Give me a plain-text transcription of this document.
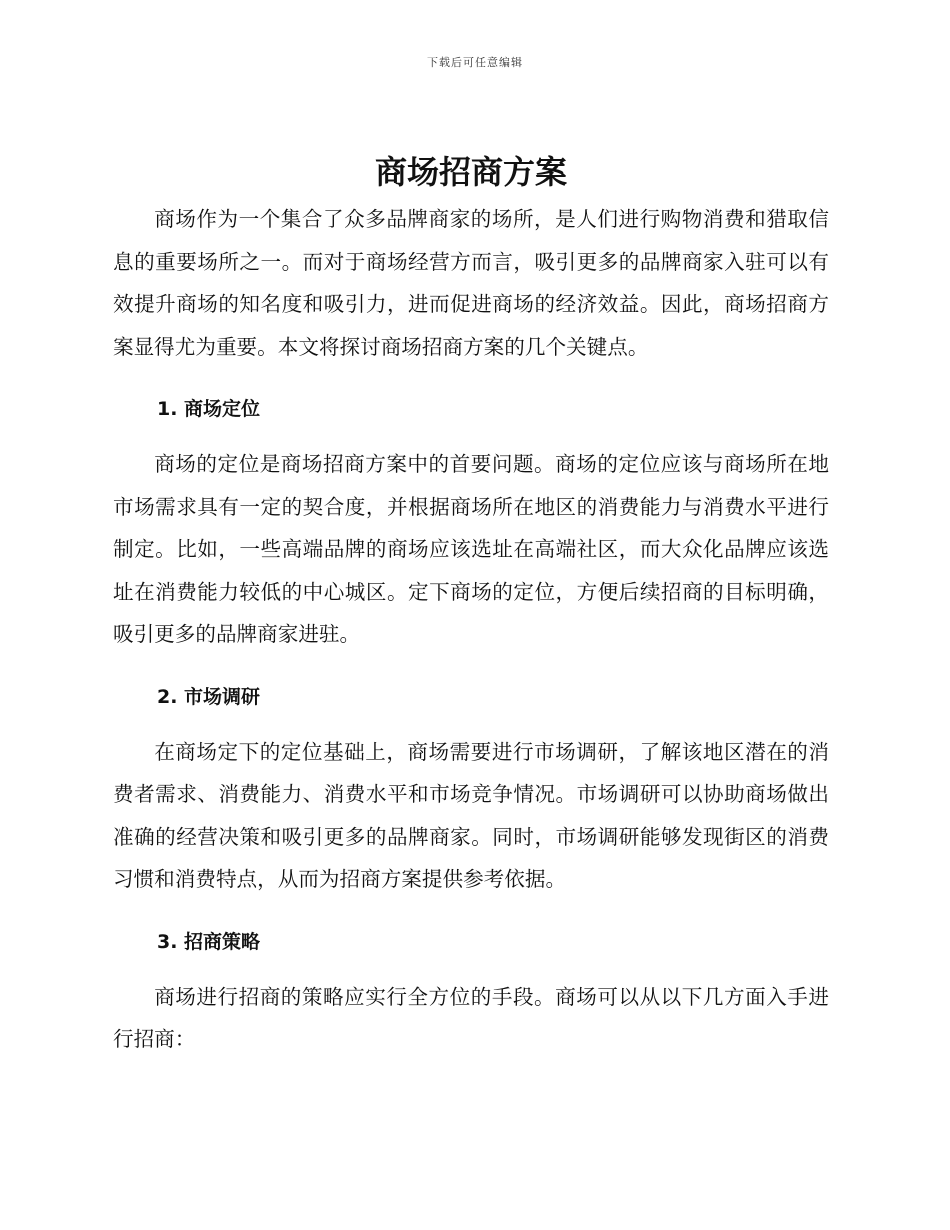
下载后可任意编辑
商场招商方案

商场作为一个集合了众多品牌商家的场所，是人们进行购物消费和猎取信息的重要场所之一。而对于商场经营方而言，吸引更多的品牌商家入驻可以有效提升商场的知名度和吸引力，进而促进商场的经济效益。因此，商场招商方案显得尤为重要。本文将探讨商场招商方案的几个关键点。

1. 商场定位

商场的定位是商场招商方案中的首要问题。商场的定位应该与商场所在地市场需求具有一定的契合度，并根据商场所在地区的消费能力与消费水平进行制定。比如，一些高端品牌的商场应该选址在高端社区，而大众化品牌应该选址在消费能力较低的中心城区。定下商场的定位，方便后续招商的目标明确，吸引更多的品牌商家进驻。

2. 市场调研

在商场定下的定位基础上，商场需要进行市场调研，了解该地区潜在的消费者需求、消费能力、消费水平和市场竞争情况。市场调研可以协助商场做出准确的经营决策和吸引更多的品牌商家。同时，市场调研能够发现街区的消费习惯和消费特点，从而为招商方案提供参考依据。

3. 招商策略

商场进行招商的策略应实行全方位的手段。商场可以从以下几方面入手进行招商：
